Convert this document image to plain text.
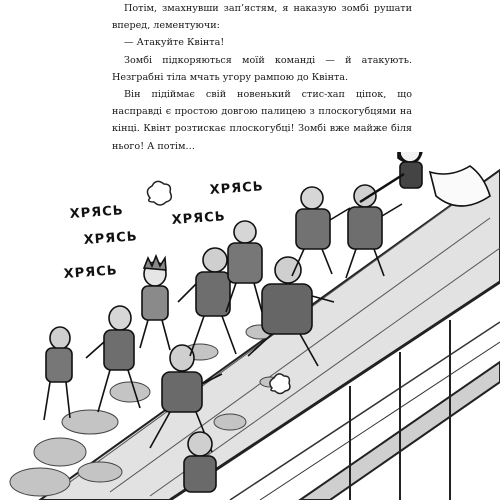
Потім, змахнувши зап’ястям, я наказую зомбі рушати вперед, лементуючи:

— Атакуйте Квінта!

Зомбі підкоряються моїй команді — й атакують. Незграбні тіла мчать угору рампою до Квінта.

Він підіймає свій новенький стис-хап ціпок, що насправді є простою довгою палицею з плоскогубцями на кінці. Квінт розтискає плоскогубці! Зомбі вже майже біля нього! А потім…

ХРЯСЬ
ХРЯСЬ
ХРЯСЬ
ХРЯСЬ
ХРЯСЬ
